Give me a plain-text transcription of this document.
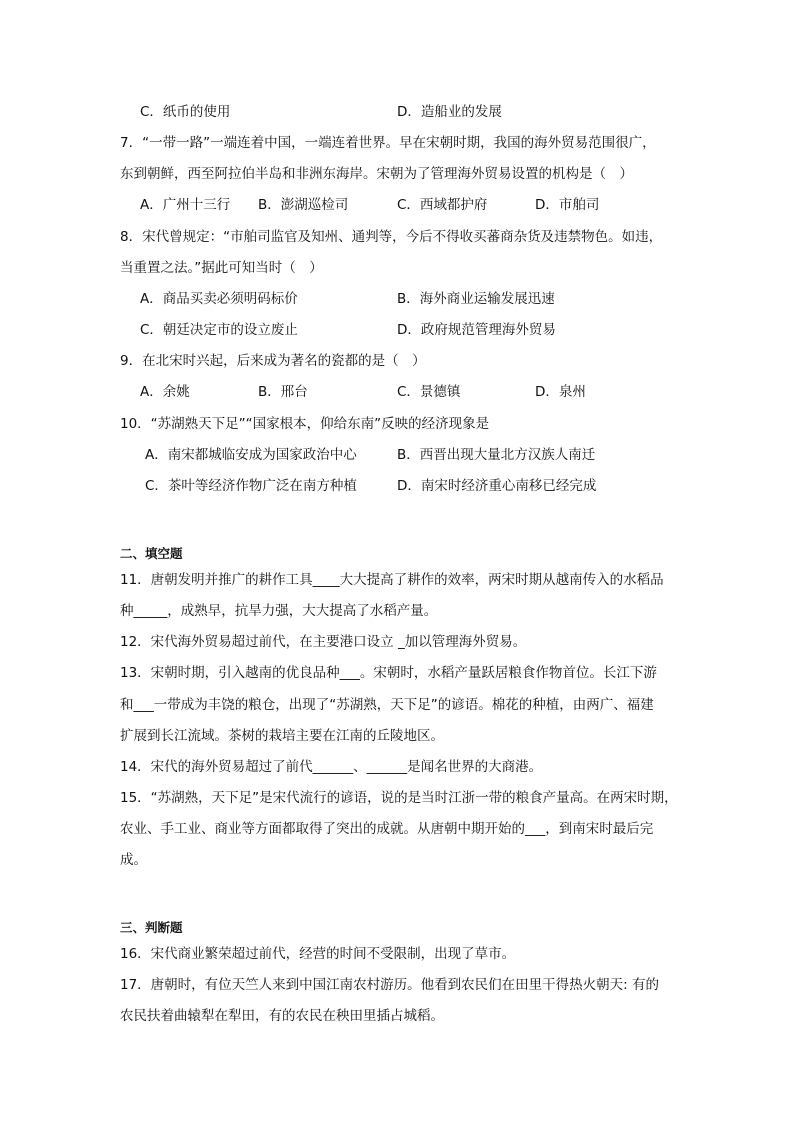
C．纸币的使用	D．造船业的发展
7．“一带一路”一端连着中国，一端连着世界。早在宋朝时期，我国的海外贸易范围很广，
东到朝鲜，西至阿拉伯半岛和非洲东海岸。宋朝为了管理海外贸易设置的机构是（　）
A．广州十三行 B．澎湖巡检司	C．西域都护府	D．市舶司
8．宋代曾规定：“市舶司监官及知州、通判等，今后不得收买蕃商杂货及违禁物色。如违，
当重置之法。”据此可知当时（　）
A．商品买卖必须明码标价	B．海外商业运输发展迅速
C．朝廷决定市的设立废止	D．政府规范管理海外贸易
9．在北宋时兴起，后来成为著名的瓷都的是（　）
A．余姚	B．邢台	C．景德镇	D．泉州
10．“苏湖熟天下足”“国家根本，仰给东南”反映的经济现象是
A．南宋都城临安成为国家政治中心	B．西晋出现大量北方汉族人南迁
C．茶叶等经济作物广泛在南方种植	D．南宋时经济重心南移已经完成
二、填空题
11．唐朝发明并推广的耕作工具____大大提高了耕作的效率，两宋时期从越南传入的水稻品
种_____，成熟早，抗旱力强，大大提高了水稻产量。
12．宋代海外贸易超过前代，在主要港口设立 _加以管理海外贸易。
13．宋朝时期，引入越南的优良品种___。宋朝时，水稻产量跃居粮食作物首位。长江下游
和___一带成为丰饶的粮仓，出现了“苏湖熟，天下足”的谚语。棉花的种植，由两广、福建
扩展到长江流域。茶树的栽培主要在江南的丘陵地区。
14．宋代的海外贸易超过了前代______、______是闻名世界的大商港。
15．“苏湖熟，天下足”是宋代流行的谚语，说的是当时江浙一带的粮食产量高。在两宋时期，
农业、手工业、商业等方面都取得了突出的成就。从唐朝中期开始的___，到南宋时最后完
成。
三、判断题
16．宋代商业繁荣超过前代，经营的时间不受限制，出现了草市。
17．唐朝时，有位天竺人来到中国江南农村游历。他看到农民们在田里干得热火朝天: 有的
农民扶着曲辕犁在犁田，有的农民在秧田里插占城稻。
